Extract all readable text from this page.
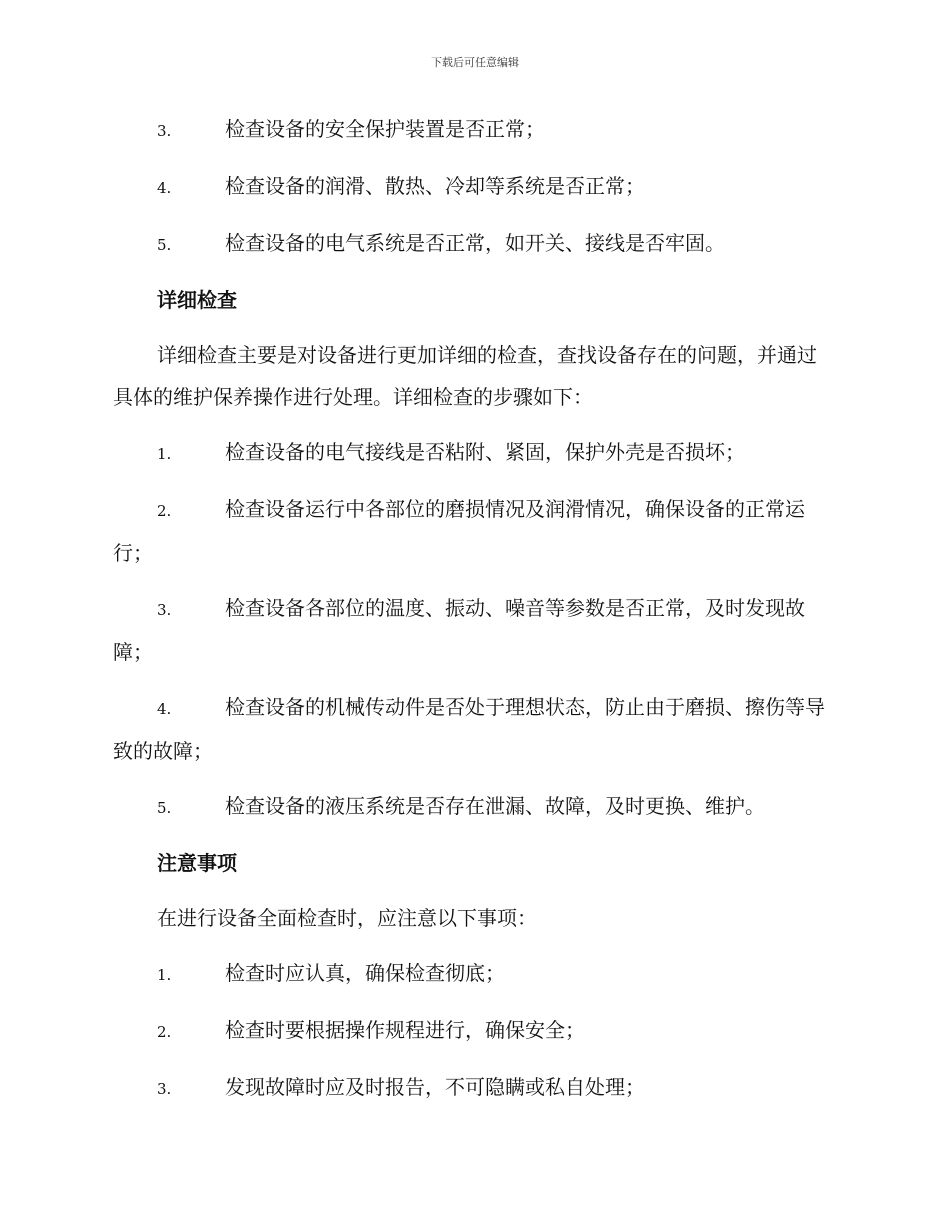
下载后可任意编辑
3.	检查设备的安全保护装置是否正常；
4.	检查设备的润滑、散热、冷却等系统是否正常；
5.	检查设备的电气系统是否正常，如开关、接线是否牢固。
详细检查
详细检查主要是对设备进行更加详细的检查，查找设备存在的问题，并通过具体的维护保养操作进行处理。详细检查的步骤如下：
1.	检查设备的电气接线是否粘附、紧固，保护外壳是否损坏；
2.	检查设备运行中各部位的磨损情况及润滑情况，确保设备的正常运行；
3.	检查设备各部位的温度、振动、噪音等参数是否正常，及时发现故障；
4.	检查设备的机械传动件是否处于理想状态，防止由于磨损、擦伤等导致的故障；
5.	检查设备的液压系统是否存在泄漏、故障，及时更换、维护。
注意事项
在进行设备全面检查时，应注意以下事项：
1.	检查时应认真，确保检查彻底；
2.	检查时要根据操作规程进行，确保安全；
3.	发现故障时应及时报告，不可隐瞒或私自处理；
